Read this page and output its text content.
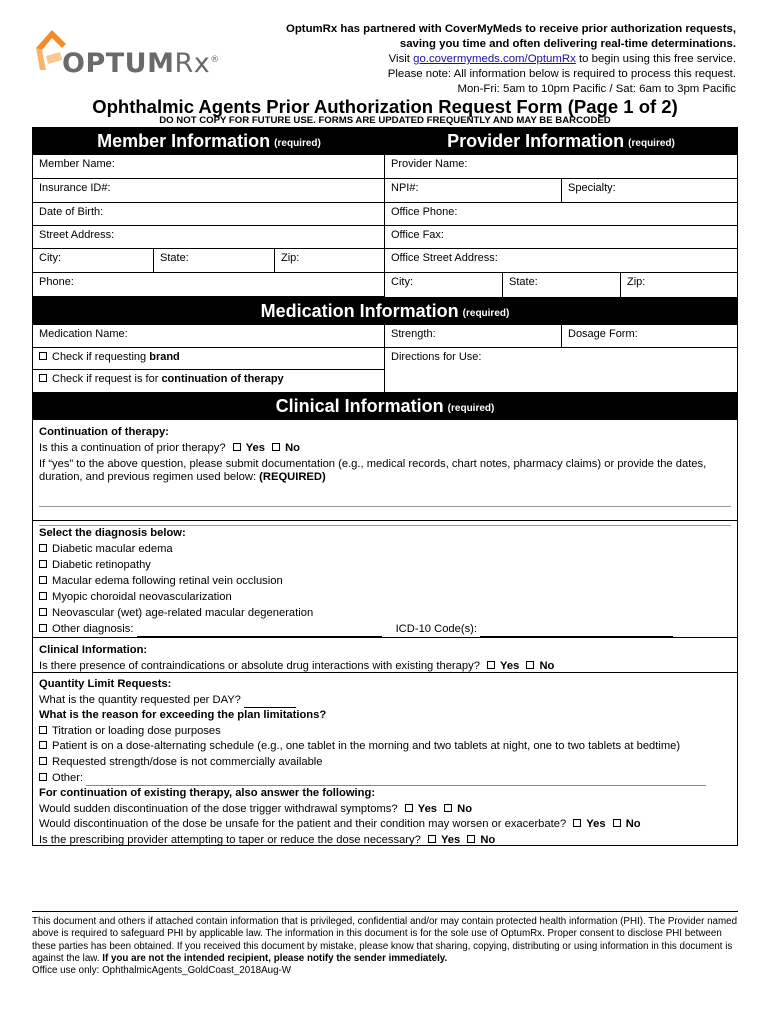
OPTUMRx®
OptumRx has partnered with CoverMyMeds to receive prior authorization requests,
saving you time and often delivering real-time determinations.
Visit go.covermymeds.com/OptumRx to begin using this free service.
Please note: All information below is required to process this request.
Mon-Fri: 5am to 10pm Pacific / Sat: 6am to 3pm Pacific
Ophthalmic Agents Prior Authorization Request Form (Page 1 of 2)
DO NOT COPY FOR FUTURE USE. FORMS ARE UPDATED FREQUENTLY AND MAY BE BARCODED
Member Information (required)	Provider Information (required)
Member Name:
Insurance ID#:
Date of Birth:
Street Address:
City:	State:	Zip:
Phone:
Provider Name:
NPI#:	Specialty:
Office Phone:
Office Fax:
Office Street Address:
City:	State:	Zip:
Medication Information (required)
Medication Name:
Check if requesting brand
Check if request is for continuation of therapy
Strength:	Dosage Form:
Directions for Use:
Clinical Information (required)
Continuation of therapy:
Is this a continuation of prior therapy? Yes No
If “yes” to the above question, please submit documentation (e.g., medical records, chart notes, pharmacy claims) or provide the dates, duration, and previous regimen used below: (REQUIRED)
Select the diagnosis below:
Diabetic macular edema
Diabetic retinopathy
Macular edema following retinal vein occlusion
Myopic choroidal neovascularization
Neovascular (wet) age-related macular degeneration
Other diagnosis:	ICD-10 Code(s):
Clinical Information:
Is there presence of contraindications or absolute drug interactions with existing therapy? Yes No
Quantity Limit Requests:
What is the quantity requested per DAY?
What is the reason for exceeding the plan limitations?
Titration or loading dose purposes
Patient is on a dose-alternating schedule (e.g., one tablet in the morning and two tablets at night, one to two tablets at bedtime)
Requested strength/dose is not commercially available
Other:
For continuation of existing therapy, also answer the following:
Would sudden discontinuation of the dose trigger withdrawal symptoms? Yes No
Would discontinuation of the dose be unsafe for the patient and their condition may worsen or exacerbate? Yes No
Is the prescribing provider attempting to taper or reduce the dose necessary? Yes No
This document and others if attached contain information that is privileged, confidential and/or may contain protected health information (PHI). The Provider named above is required to safeguard PHI by applicable law. The information in this document is for the sole use of OptumRx. Proper consent to disclose PHI between these parties has been obtained. If you received this document by mistake, please know that sharing, copying, distributing or using information in this document is against the law. If you are not the intended recipient, please notify the sender immediately.
Office use only: OphthalmicAgents_GoldCoast_2018Aug-W
